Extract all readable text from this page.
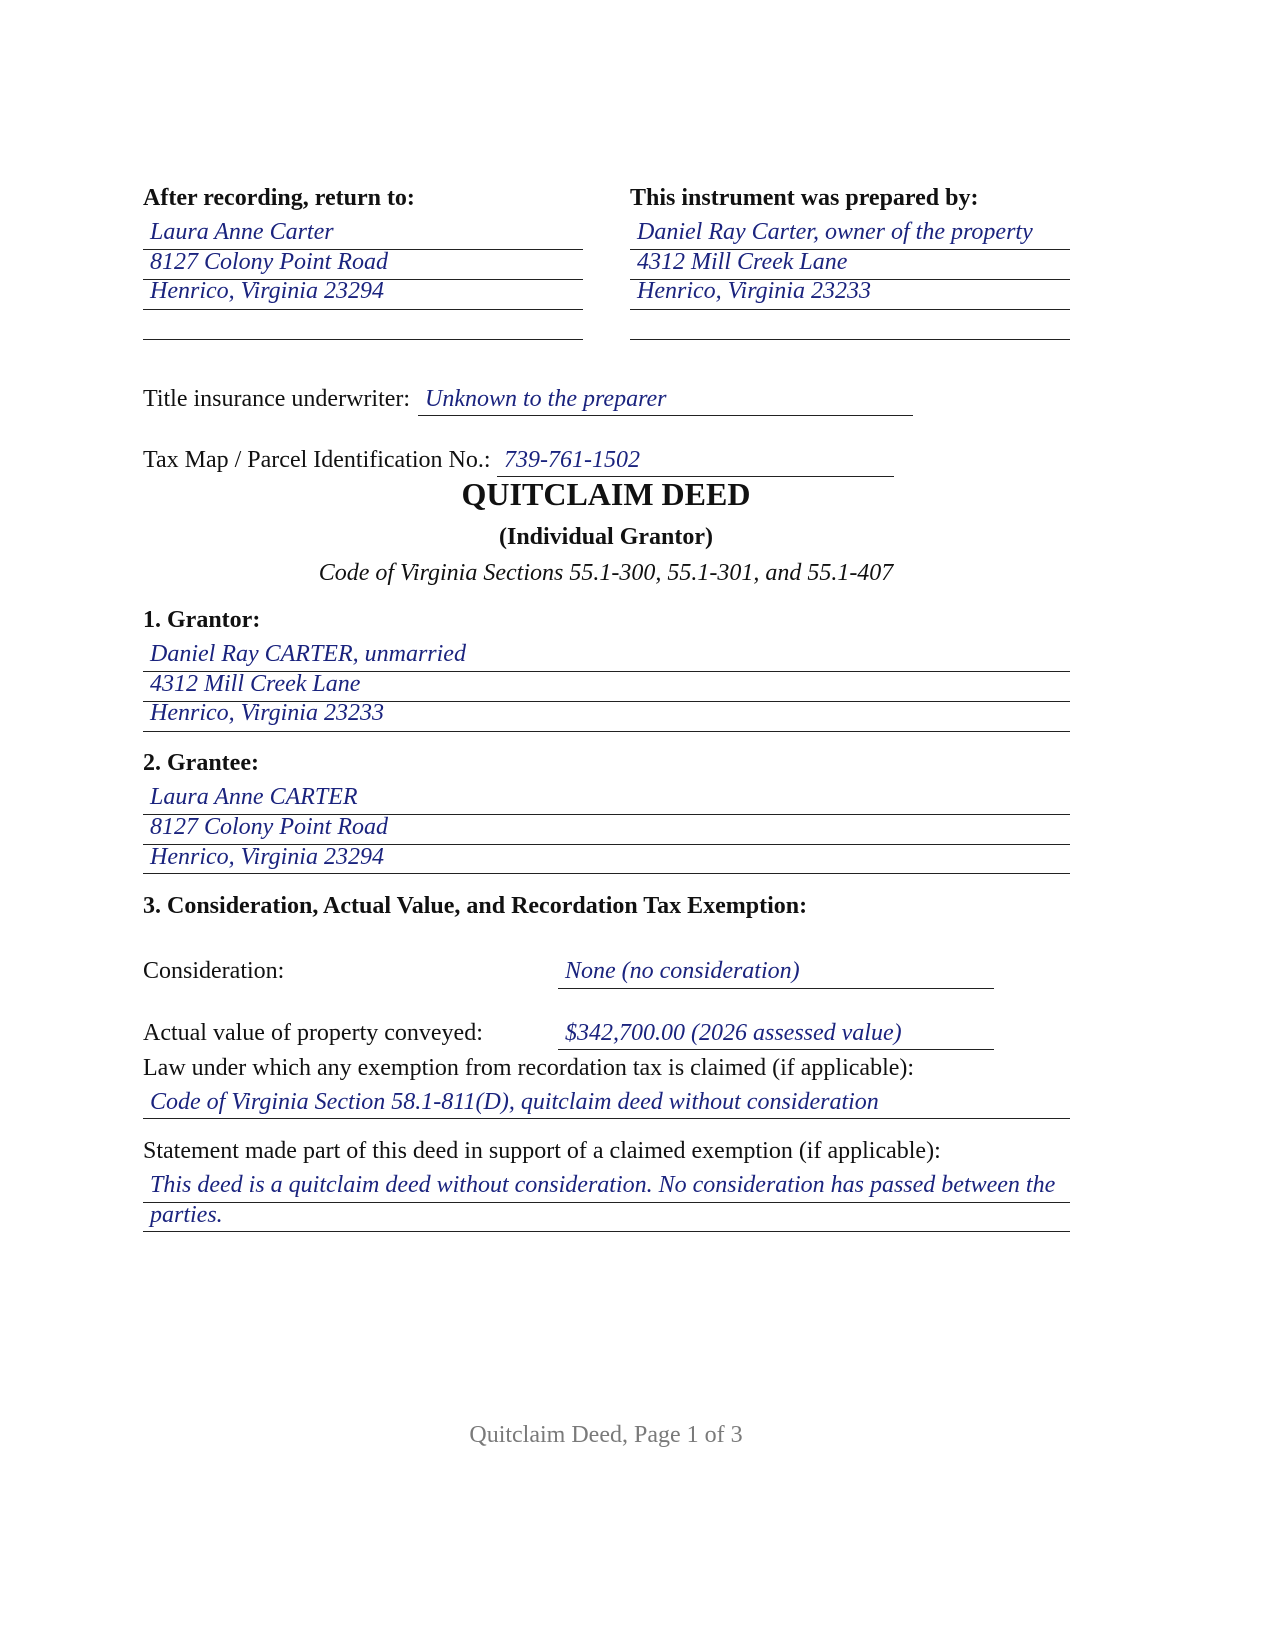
After recording, return to:
Laura Anne Carter
8127 Colony Point Road
Henrico, Virginia 23294
This instrument was prepared by:
Daniel Ray Carter, owner of the property
4312 Mill Creek Lane
Henrico, Virginia 23233
Title insurance underwriter: Unknown to the preparer
Tax Map / Parcel Identification No.: 739-761-1502
QUITCLAIM DEED
(Individual Grantor)
Code of Virginia Sections 55.1-300, 55.1-301, and 55.1-407
1. Grantor:
Daniel Ray CARTER, unmarried
4312 Mill Creek Lane
Henrico, Virginia 23233
2. Grantee:
Laura Anne CARTER
8127 Colony Point Road
Henrico, Virginia 23294
3. Consideration, Actual Value, and Recordation Tax Exemption:
Consideration:	None (no consideration)
Actual value of property conveyed:	$342,700.00 (2026 assessed value)
Law under which any exemption from recordation tax is claimed (if applicable):
Code of Virginia Section 58.1-811(D), quitclaim deed without consideration
Statement made part of this deed in support of a claimed exemption (if applicable):
This deed is a quitclaim deed without consideration. No consideration has passed between the
parties.
Quitclaim Deed, Page 1 of 3
